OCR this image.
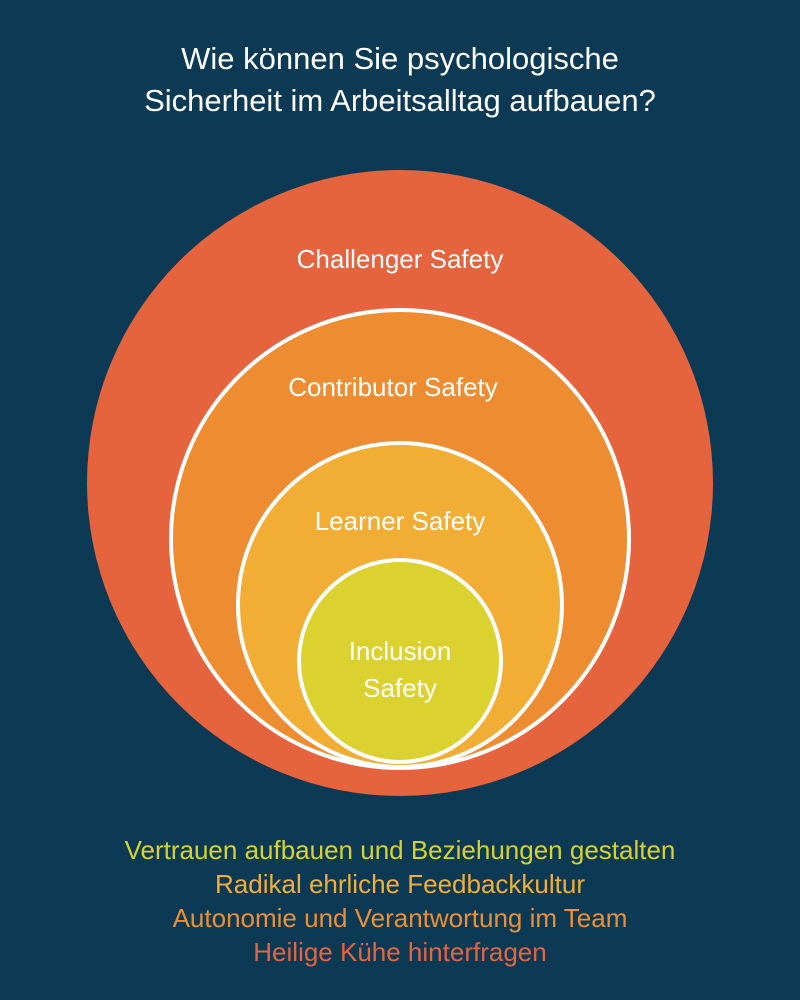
Wie können Sie psychologische
Sicherheit im Arbeitsalltag aufbauen?
Challenger Safety
Contributor Safety
Learner Safety
Inclusion
Safety
Vertrauen aufbauen und Beziehungen gestalten
Radikal ehrliche Feedbackkultur
Autonomie und Verantwortung im Team
Heilige Kühe hinterfragen
